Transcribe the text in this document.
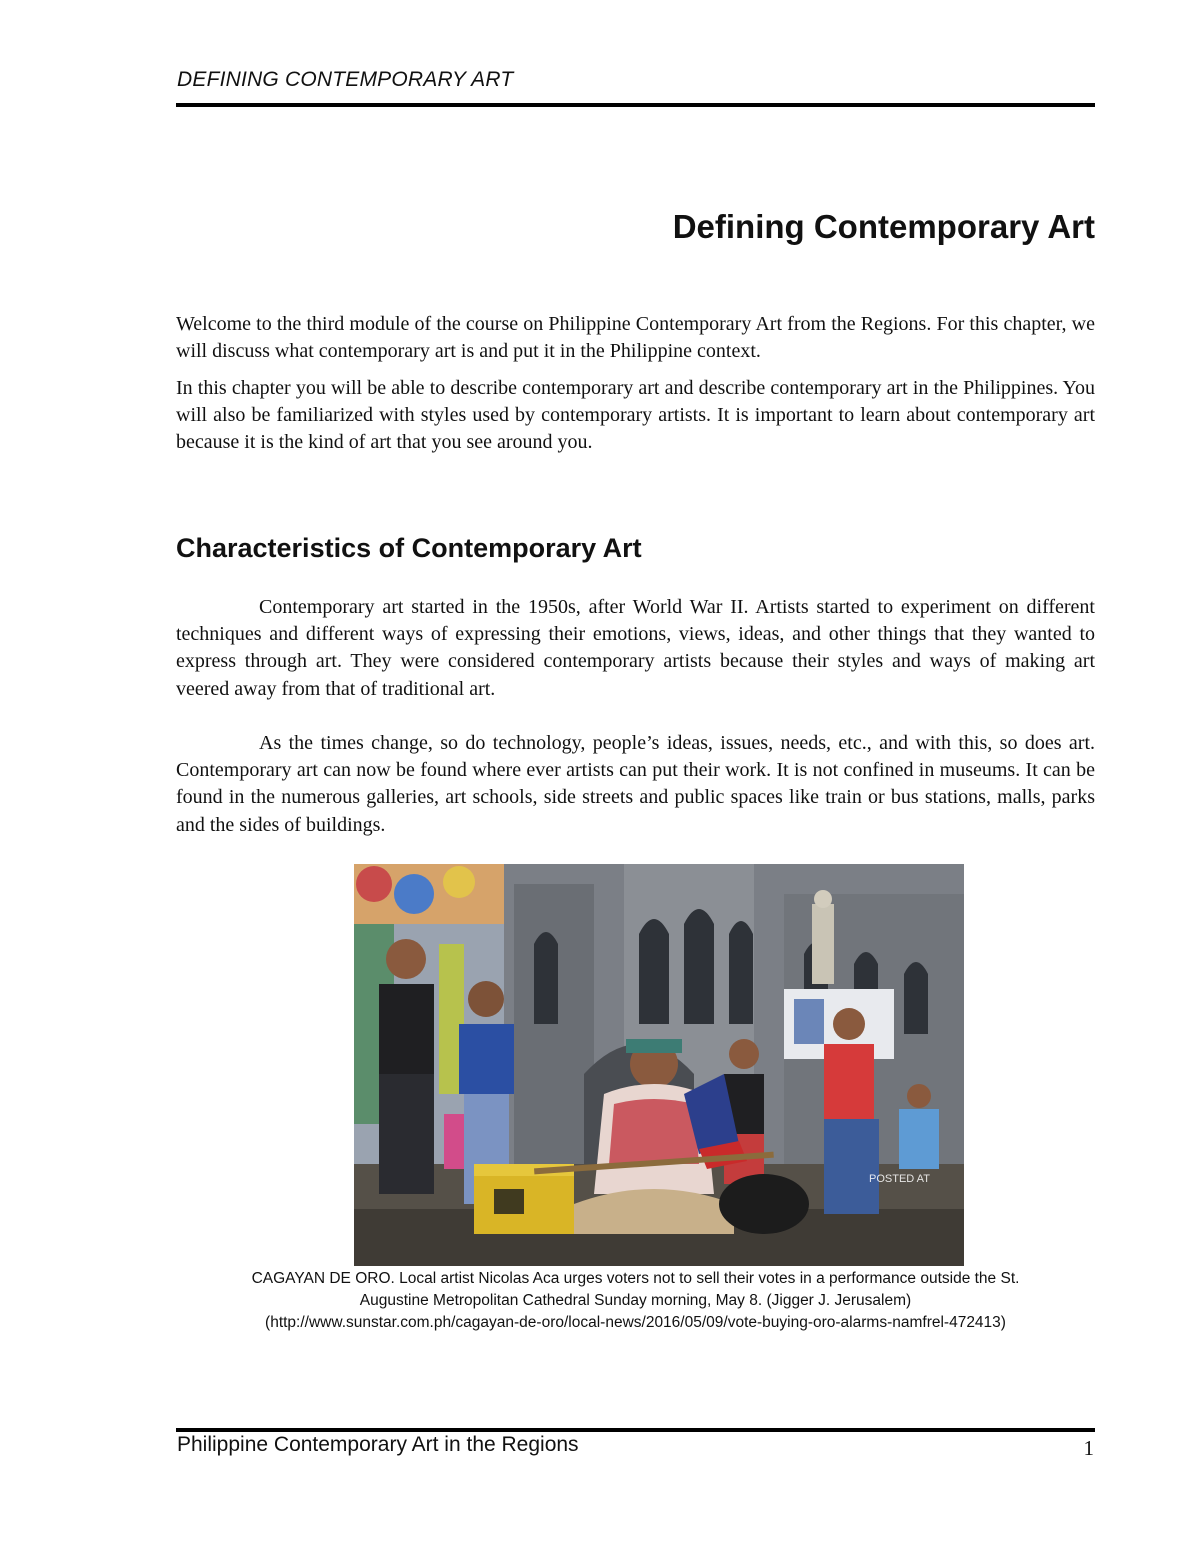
DEFINING CONTEMPORARY ART
Defining Contemporary Art

Welcome to the third module of the course on Philippine Contemporary Art from the Regions. For this chapter, we will discuss what contemporary art is and put it in the Philippine context.

In this chapter you will be able to describe contemporary art and describe contemporary art in the Philippines. You will also be familiarized with styles used by contemporary artists. It is important to learn about contemporary art because it is the kind of art that you see around you.

Characteristics of Contemporary Art

Contemporary art started in the 1950s, after World War II. Artists started to experiment on different techniques and different ways of expressing their emotions, views, ideas, and other things that they wanted to express through art. They were considered contemporary artists because their styles and ways of making art veered away from that of traditional art.

As the times change, so do technology, people’s ideas, issues, needs, etc., and with this, so does art. Contemporary art can now be found where ever artists can put their work. It is not confined in museums. It can be found in the numerous galleries, art schools, side streets and public spaces like train or bus stations, malls, parks and the sides of buildings.

POSTED AT

CAGAYAN DE ORO. Local artist Nicolas Aca urges voters not to sell their votes in a performance outside the St.
Augustine Metropolitan Cathedral Sunday morning, May 8. (Jigger J. Jerusalem)
(http://www.sunstar.com.ph/cagayan-de-oro/local-news/2016/05/09/vote-buying-oro-alarms-namfrel-472413)

Philippine Contemporary Art in the Regions	1
